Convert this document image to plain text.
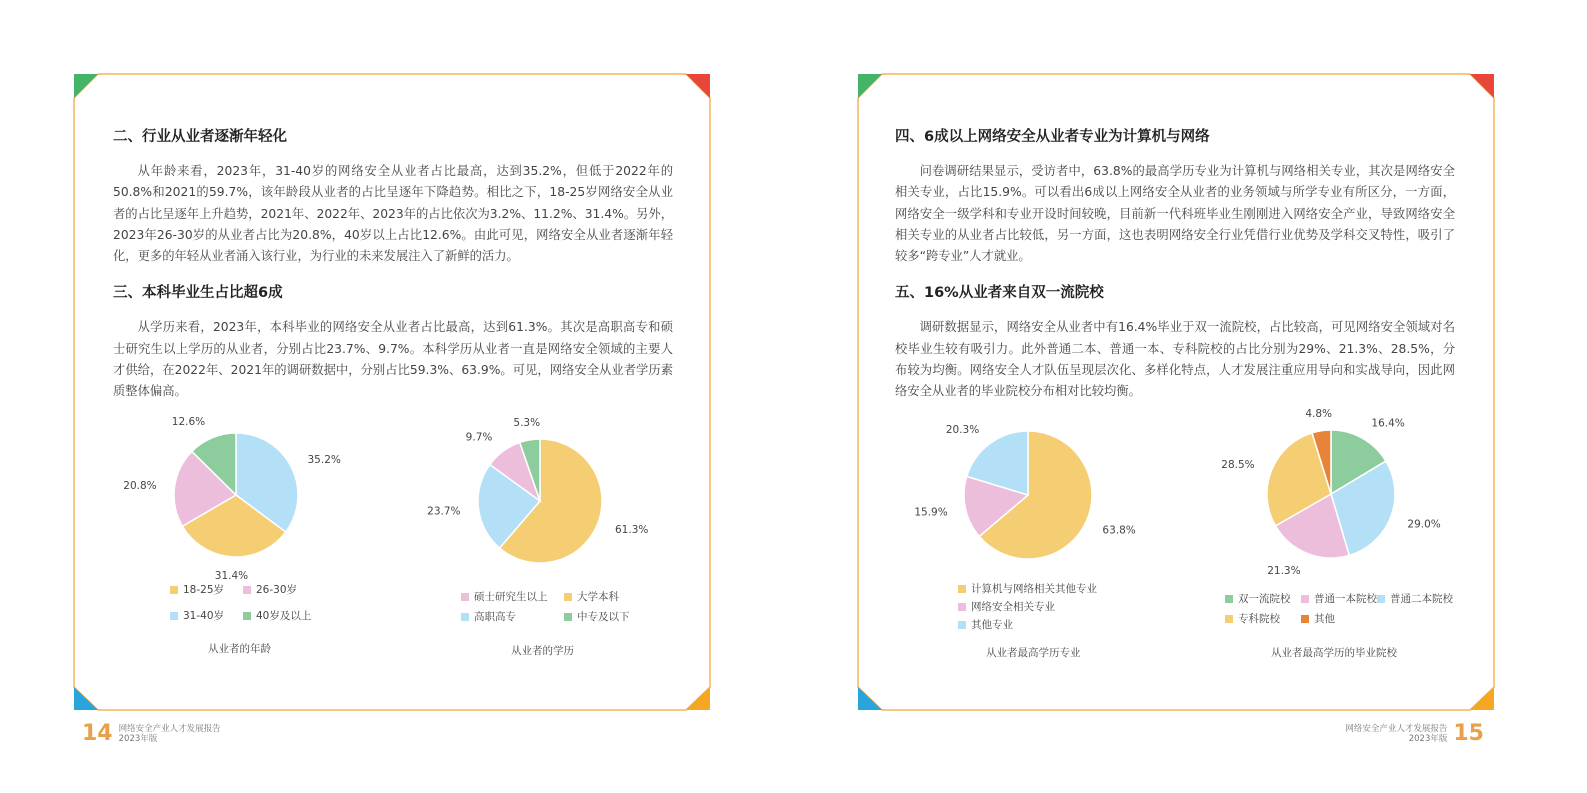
二、行业从业者逐渐年轻化

从年龄来看，2023年，31-40岁的网络安全从业者占比最高，达到35.2%，但低于2022年的50.8%和2021的59.7%，该年龄段从业者的占比呈逐年下降趋势。相比之下，18-25岁网络安全从业者的占比呈逐年上升趋势，2021年、2022年、2023年的占比依次为3.2%、11.2%、31.4%。另外，2023年26-30岁的从业者占比为20.8%，40岁以上占比12.6%。由此可见，网络安全从业者逐渐年轻化，更多的年轻从业者涌入该行业，为行业的未来发展注入了新鲜的活力。

三、本科毕业生占比超6成

从学历来看，2023年，本科毕业的网络安全从业者占比最高，达到61.3%。其次是高职高专和硕士研究生以上学历的从业者，分别占比23.7%、9.7%。本科学历从业者一直是网络安全领域的主要人才供给，在2022年、2021年的调研数据中，分别占比59.3%、63.9%。可见，网络安全从业者学历素质整体偏高。

35.2%
31.4%
20.8%
12.6%
18-25岁	26-30岁
31-40岁	40岁及以上
从业者的年龄
61.3%
23.7%
9.7%
5.3%
硕士研究生以上	大学本科
高职高专	中专及以下
从业者的学历
14 网络安全产业人才发展报告
2023年版
四、6成以上网络安全从业者专业为计算机与网络

问卷调研结果显示，受访者中，63.8%的最高学历专业为计算机与网络相关专业，其次是网络安全相关专业，占比15.9%。可以看出6成以上网络安全从业者的业务领域与所学专业有所区分，一方面，网络安全一级学科和专业开设时间较晚，目前新一代科班毕业生刚刚进入网络安全产业，导致网络安全相关专业的从业者占比较低，另一方面，这也表明网络安全行业凭借行业优势及学科交叉特性，吸引了较多“跨专业”人才就业。

五、16%从业者来自双一流院校

调研数据显示，网络安全从业者中有16.4%毕业于双一流院校，占比较高，可见网络安全领域对名校毕业生较有吸引力。此外普通二本、普通一本、专科院校的占比分别为29%、21.3%、28.5%，分布较为均衡。网络安全人才队伍呈现层次化、多样化特点，人才发展注重应用导向和实战导向，因此网络安全从业者的毕业院校分布相对比较均衡。

63.8%
15.9%
20.3%
计算机与网络相关其他专业
网络安全相关专业
其他专业
从业者最高学历专业
16.4%
29.0%
21.3%
28.5%
4.8%
双一流院校 普通一本院校 普通二本院校
专科院校	其他
从业者最高学历的毕业院校
网络安全产业人才发展报告
2023年版 15
